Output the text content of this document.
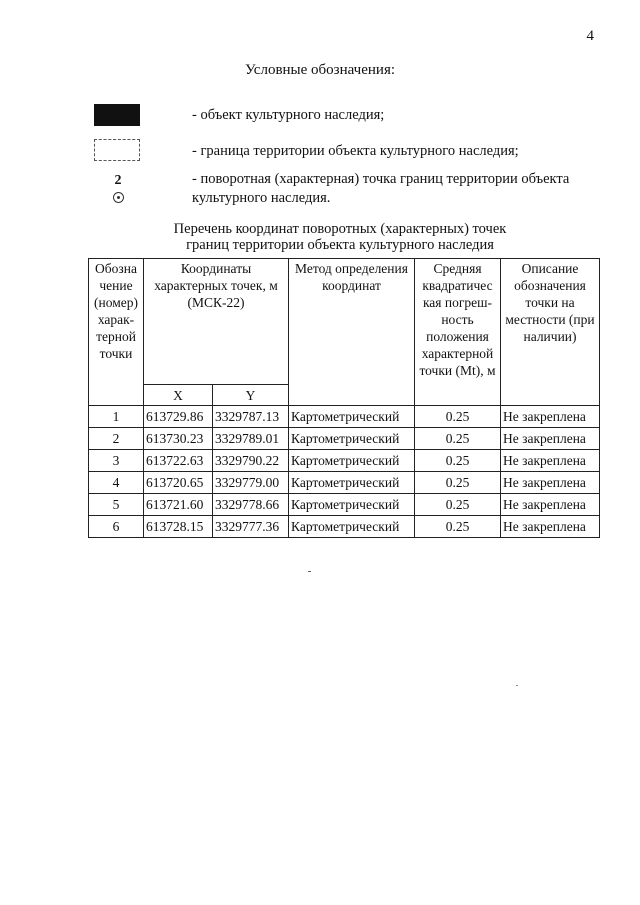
4
Условные обозначения:
- объект культурного наследия;
- граница территории объекта культурного наследия;
2	- поворотная (характерная) точка границ территории объекта
культурного наследия.
Перечень координат поворотных (характерных) точек
границ территории объекта культурного наследия
Обозна чение (номер) харак- терной точки	Координаты характерных точек, м (МСК-22)		Метод определения координат	Средняя квадратичес кая погреш- ность положения характерной точки (Mt), м	Описание обозначения точки на местности (при наличии)
	X	Y			
1	613729.86	3329787.13	Картометрический	0.25	Не закреплена
2	613730.23	3329789.01	Картометрический	0.25	Не закреплена
3	613722.63	3329790.22	Картометрический	0.25	Не закреплена
4	613720.65	3329779.00	Картометрический	0.25	Не закреплена
5	613721.60	3329778.66	Картометрический	0.25	Не закреплена
6	613728.15	3329777.36	Картометрический	0.25	Не закреплена
